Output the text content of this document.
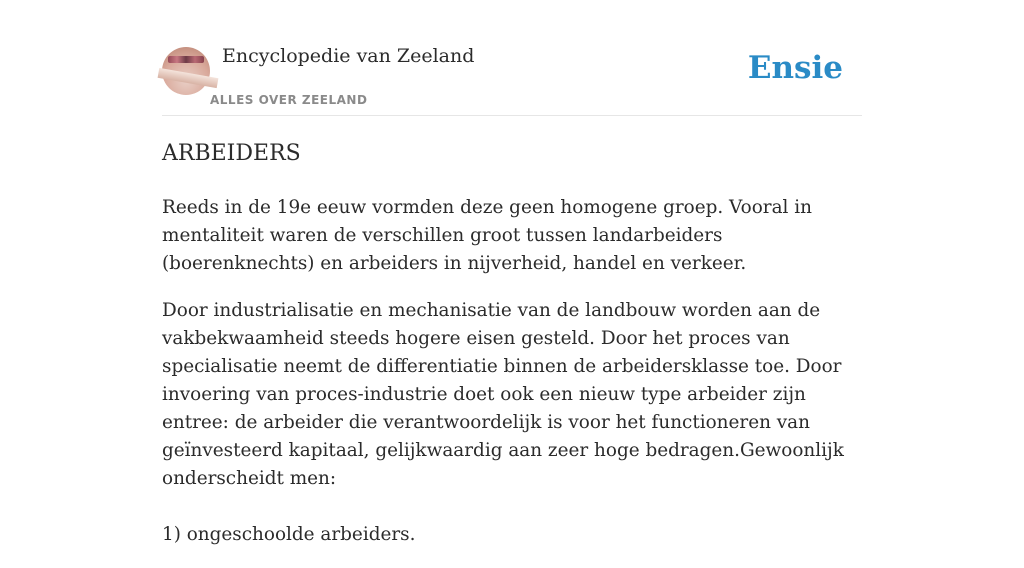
Encyclopedie van Zeeland
ALLES OVER ZEELAND
Ensie
ARBEIDERS

Reeds in de 19e eeuw vormden deze geen homogene groep. Vooral in mentaliteit waren de verschillen groot tussen landarbeiders (boerenknechts) en arbeiders in nijverheid, handel en verkeer.

Door industrialisatie en mechanisatie van de landbouw worden aan de vakbekwaamheid steeds hogere eisen gesteld. Door het proces van specialisatie neemt de differentiatie binnen de arbeidersklasse toe. Door invoering van proces-industrie doet ook een nieuw type arbeider zijn entree: de arbeider die verantwoordelijk is voor het functioneren van geïnvesteerd kapitaal, gelijkwaardig aan zeer hoge bedragen.Gewoonlijk onderscheidt men:

1) ongeschoolde arbeiders.
